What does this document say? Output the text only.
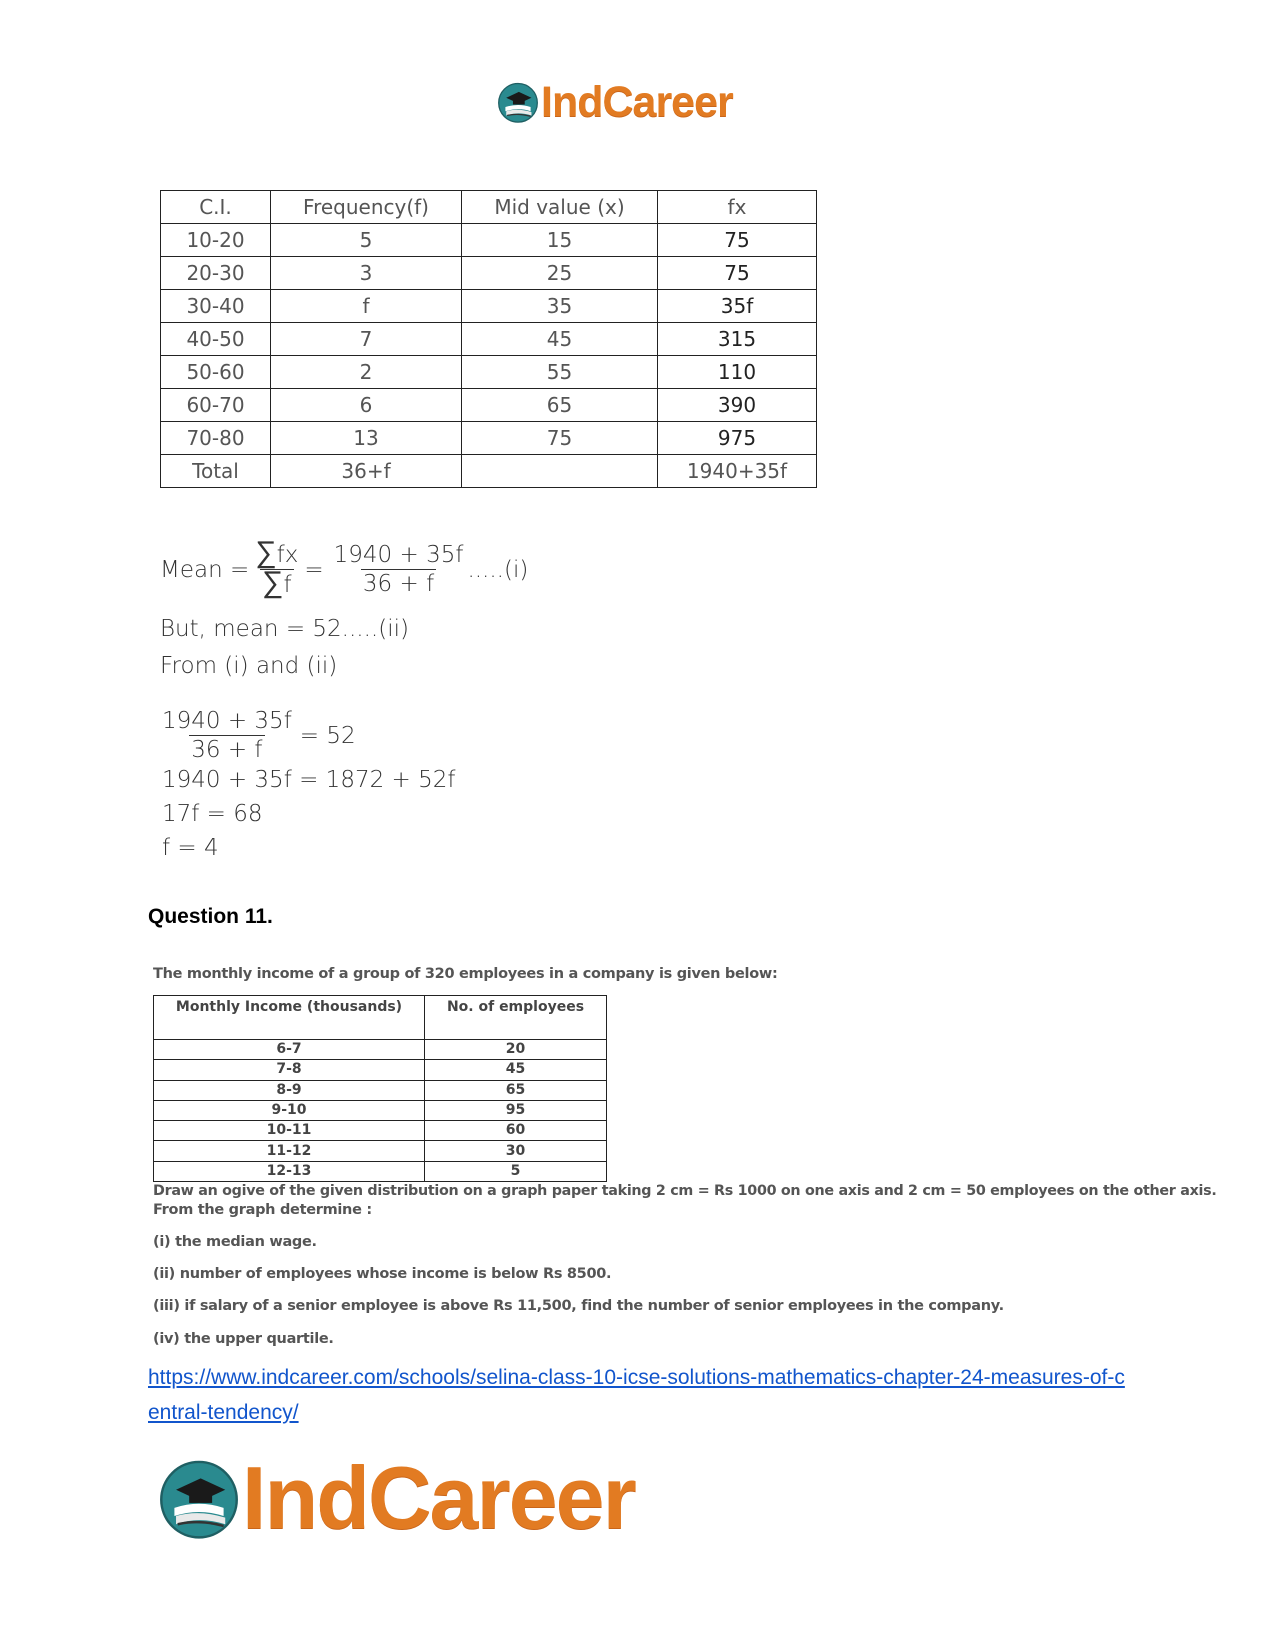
IndCareer
C.I.	Frequency(f)	Mid value (x)	fx
10-20	5	15	75
20-30	3	25	75
30-40	f	35	35f
40-50	7	45	315
50-60	2	55	110
60-70	6	65	390
70-80	13	75	975
Total	36+f		1940+35f
Mean = $\frac{\sum fx}{\sum f} = \frac{1940 + 35f}{36 + f} .....(i)$
But, mean = 52.....(ii)
From (i) and (ii)
$\frac{1940 + 35f}{36 + f} = 52$
1940 + 35f = 1872 + 52f
17f = 68
f = 4
Question 11.
The monthly income of a group of 320 employees in a company is given below:
Monthly Income (thousands)	No. of employees
6-7	20
7-8	45
8-9	65
9-10	95
10-11	60
11-12	30
12-13	5
Draw an ogive of the given distribution on a graph paper taking 2 cm = Rs 1000 on one axis and 2 cm = 50 employees on the other axis.
From the graph determine :
(i) the median wage.
(ii) number of employees whose income is below Rs 8500.
(iii) if salary of a senior employee is above Rs 11,500, find the number of senior employees in the company.
(iv) the upper quartile.
https://www.indcareer.com/schools/selina-class-10-icse-solutions-mathematics-chapter-24-measures-of-central-tendency/
IndCareer
